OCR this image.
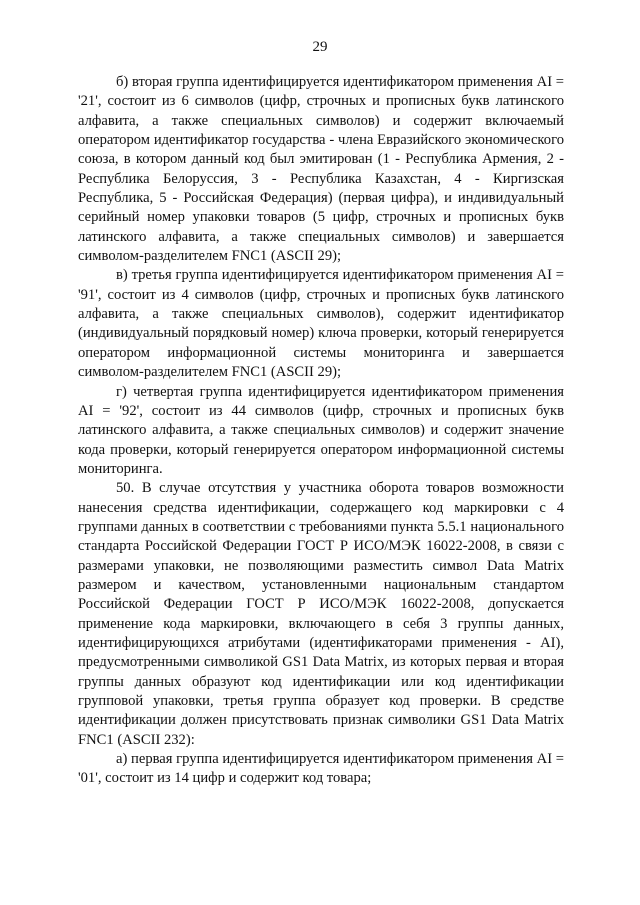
29

б) вторая группа идентифицируется идентификатором применения AI = '21', состоит из 6 символов (цифр, строчных и прописных букв латинского алфавита, а также специальных символов) и содержит включаемый оператором идентификатор государства - члена Евразийского экономического союза, в котором данный код был эмитирован (1 - Республика Армения, 2 - Республика Белоруссия, 3 - Республика Казахстан, 4 - Киргизская Республика, 5 - Российская Федерация) (первая цифра), и индивидуальный серийный номер упаковки товаров (5 цифр, строчных и прописных букв латинского алфавита, а также специальных символов) и завершается символом-разделителем FNC1 (ASCII 29);

в) третья группа идентифицируется идентификатором применения AI = '91', состоит из 4 символов (цифр, строчных и прописных букв латинского алфавита, а также специальных символов), содержит идентификатор (индивидуальный порядковый номер) ключа проверки, который генерируется оператором информационной системы мониторинга и завершается символом-разделителем FNC1 (ASCII 29);

г) четвертая группа идентифицируется идентификатором применения AI = '92', состоит из 44 символов (цифр, строчных и прописных букв латинского алфавита, а также специальных символов) и содержит значение кода проверки, который генерируется оператором информационной системы мониторинга.

50. В случае отсутствия у участника оборота товаров возможности нанесения средства идентификации, содержащего код маркировки с 4 группами данных в соответствии с требованиями пункта 5.5.1 национального стандарта Российской Федерации ГОСТ Р ИСО/МЭК 16022-2008, в связи с размерами упаковки, не позволяющими разместить символ Data Matrix размером и качеством, установленными национальным стандартом Российской Федерации ГОСТ Р ИСО/МЭК 16022-2008, допускается применение кода маркировки, включающего в себя 3 группы данных, идентифицирующихся атрибутами (идентификаторами применения - AI), предусмотренными символикой GS1 Data Matrix, из которых первая и вторая группы данных образуют код идентификации или код идентификации групповой упаковки, третья группа образует код проверки. В средстве идентификации должен присутствовать признак символики GS1 Data Matrix FNC1 (ASCII 232):

а) первая группа идентифицируется идентификатором применения AI = '01', состоит из 14 цифр и содержит код товара;
